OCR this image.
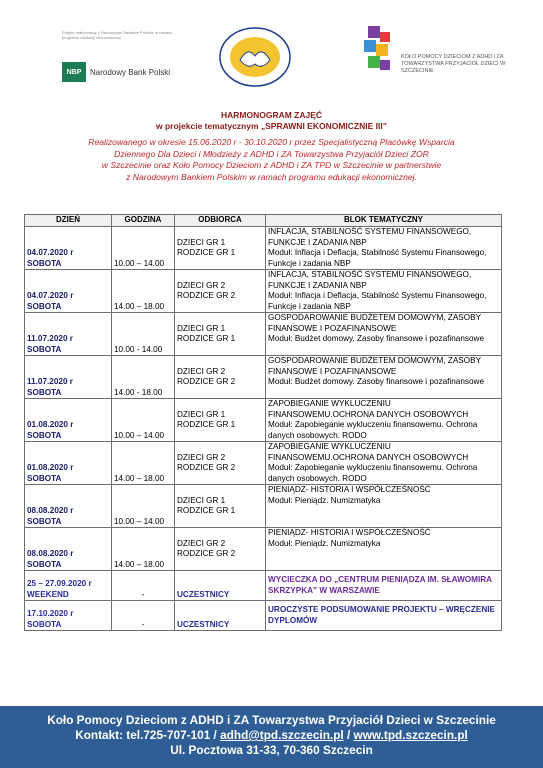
Projekt realizowany z Narodowym Bankiem Polskim w ramach programu edukacji ekonomicznej
NBP	Narodowy Bank Polski
KOŁO POMOCY DZIECIOM Z ADHD i ZA TOWARZYSTWA PRZYJACIÓŁ DZIECI W SZCZECINIE
HARMONOGRAM ZAJĘĆ
w projekcie tematycznym „SPRAWNI EKONOMICZNIE III”
Realizowanego w okresie 15.06.2020 r - 30.10.2020 r przez Specjalistyczną Placówkę Wsparcia
Dziennego Dla Dzieci i Młodzieży z ADHD i ZA Towarzystwa Przyjaciół Dzieci ZOR
w Szczecinie oraz Koło Pomocy Dzieciom z ADHD i ZA TPD w Szczecinie w partnerstwie
z Narodowym Bankiem Polskim w ramach programu edukacji ekonomicznej.
DZIEŃ	GODZINA	ODBIORCA	BLOK TEMATYCZNY

04.07.2020 r
SOBOTA	10.00 – 14.00	DZIECI GR 1
RODZICE GR 1	INFLACJA, STABILNOŚĆ SYSTEMU FINANSOWEGO, FUNKCJE I ZADANIA NBP
Moduł: Inflacja i Deflacja, Stabilność Systemu Finansowego, Funkcje i zadania NBP

04.07.2020 r
SOBOTA	14.00 – 18.00	DZIECI GR 2
RODZICE GR 2	INFLACJA, STABILNOŚĆ SYSTEMU FINANSOWEGO, FUNKCJE I ZADANIA NBP
Moduł: Inflacja i Deflacja, Stabilność Systemu Finansowego, Funkcje i zadania NBP

11.07.2020 r
SOBOTA	10.00 - 14.00	DZIECI GR 1
RODZICE GR 1	GOSPODAROWANIE BUDŻETEM DOMOWYM, ZASOBY FINANSOWE I POZAFINANSOWE
Moduł: Budżet domowy. Zasoby finansowe i pozafinansowe

11.07.2020 r
SOBOTA	14.00 - 18.00	DZIECI GR 2
RODZICE GR 2	GOSPODAROWANIE BUDŻETEM DOMOWYM, ZASOBY FINANSOWE I POZAFINANSOWE
Moduł: Budżet domowy. Zasoby finansowe i pozafinansowe

01.08.2020 r
SOBOTA	10.00 – 14.00	DZIECI GR 1
RODZICE GR 1	ZAPOBIEGANIE WYKLUCZENIU FINANSOWEMU.OCHRONA DANYCH OSOBOWYCH
Moduł: Zapobieganie wykluczeniu finansowemu. Ochrona danych osobowych. RODO

01.08.2020 r
SOBOTA	14.00 – 18.00	DZIECI GR 2
RODZICE GR 2	ZAPOBIEGANIE WYKLUCZENIU FINANSOWEMU.OCHRONA DANYCH OSOBOWYCH
Moduł: Zapobieganie wykluczeniu finansowemu. Ochrona danych osobowych. RODO

08.08.2020 r
SOBOTA	10.00 – 14.00	DZIECI GR 1
RODZICE GR 1	PIENIĄDZ- HISTORIA I WSPÓŁCZEŚNOŚĆ
Moduł: Pieniądz. Numizmatyka

08.08.2020 r
SOBOTA	14.00 – 18.00	DZIECI GR 2
RODZICE GR 2	PIENIĄDZ- HISTORIA I WSPÓŁCZEŚNOŚĆ
Moduł: Pieniądz. Numizmatyka

25 – 27.09.2020 r
WEEKEND	-	UCZESTNICY	WYCIECZKA DO „CENTRUM PIENIĄDZA IM. SŁAWOMIRA SKRZYPKA” W WARSZAWIE

17.10.2020 r
SOBOTA	-	UCZESTNICY	UROCZYSTE PODSUMOWANIE PROJEKTU – WRĘCZENIE DYPLOMÓW
Koło Pomocy Dzieciom z ADHD i ZA Towarzystwa Przyjaciół Dzieci w Szczecinie
Kontakt: tel.725-707-101 / adhd@tpd.szczecin.pl / www.tpd.szczecin.pl
Ul. Pocztowa 31-33, 70-360 Szczecin
